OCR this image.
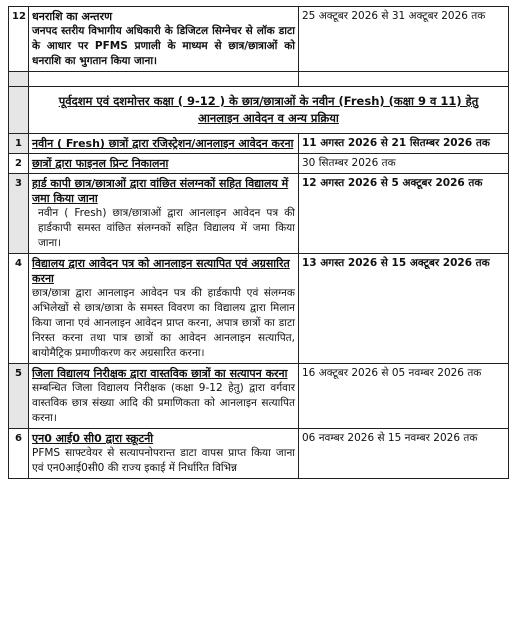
12	धनराशि का अन्तरण
जनपद स्तरीय विभागीय अधिकारी के डिजिटल सिग्नेचर से लॉक डाटा के आधार पर PFMS प्रणाली के माध्यम से छात्र/छात्राओं को धनराशि का भुगतान किया जाना।	25 अक्टूबर 2026 से 31 अक्टूबर 2026 तक

	पूर्वदशम एवं दशमोत्तर कक्षा ( 9-12 ) के छात्र/छात्राओं के नवीन (Fresh) (कक्षा 9 व 11) हेतु आनलाइन आवेदन व अन्य प्रक्रिया	
1	नवीन ( Fresh) छात्रों द्वारा रजिस्ट्रेशन/आनलाइन आवेदन करना	11 अगस्त 2026 से 21 सितम्बर 2026 तक
2	छात्रों द्वारा फाइनल प्रिन्ट निकालना	30 सितम्बर 2026 तक
3	हार्ड कापी छात्र/छात्राओं द्वारा वांछित संलग्नकों सहित विद्यालय में जमा किया जाना
नवीन ( Fresh) छात्र/छात्राओं द्वारा आनलाइन आवेदन पत्र की हार्डकापी समस्त वांछित संलग्नकों सहित विद्यालय में जमा किया जाना।	12 अगस्त 2026 से 5 अक्टूबर 2026 तक
4	विद्यालय द्वारा आवेदन पत्र को आनलाइन सत्यापित एवं अग्रसारित करना
छात्र/छात्रा द्वारा आनलाइन आवेदन पत्र की हार्डकापी एवं संलग्नक अभिलेखों से छात्र/छात्रा के समस्त विवरण का विद्यालय द्वारा मिलान किया जाना एवं आनलाइन आवेदन प्राप्त करना, अपात्र छात्रों का डाटा निरस्त करना तथा पात्र छात्रों का आवेदन आनलाइन सत्यापित, बायोमैट्रिक प्रमाणीकरण कर अग्रसारित करना।	13 अगस्त 2026 से 15 अक्टूबर 2026 तक
5	जिला विद्यालय निरीक्षक द्वारा वास्तविक छात्रों का सत्यापन करना
सम्बन्धित जिला विद्यालय निरीक्षक (कक्षा 9-12 हेतु) द्वारा वर्गवार वास्तविक छात्र संख्या आदि की प्रमाणिकता को आनलाइन सत्यापित करना।	16 अक्टूबर 2026 से 05 नवम्बर 2026 तक
6	एन0 आई0 सी0 द्वारा स्क्रूटनी
PFMS साफ्टवेयर से सत्यापनोपरान्त डाटा वापस प्राप्त किया जाना एवं एन0आई0सी0 की राज्य इकाई में निर्धारित विभिन्न	06 नवम्बर 2026 से 15 नवम्बर 2026 तक
